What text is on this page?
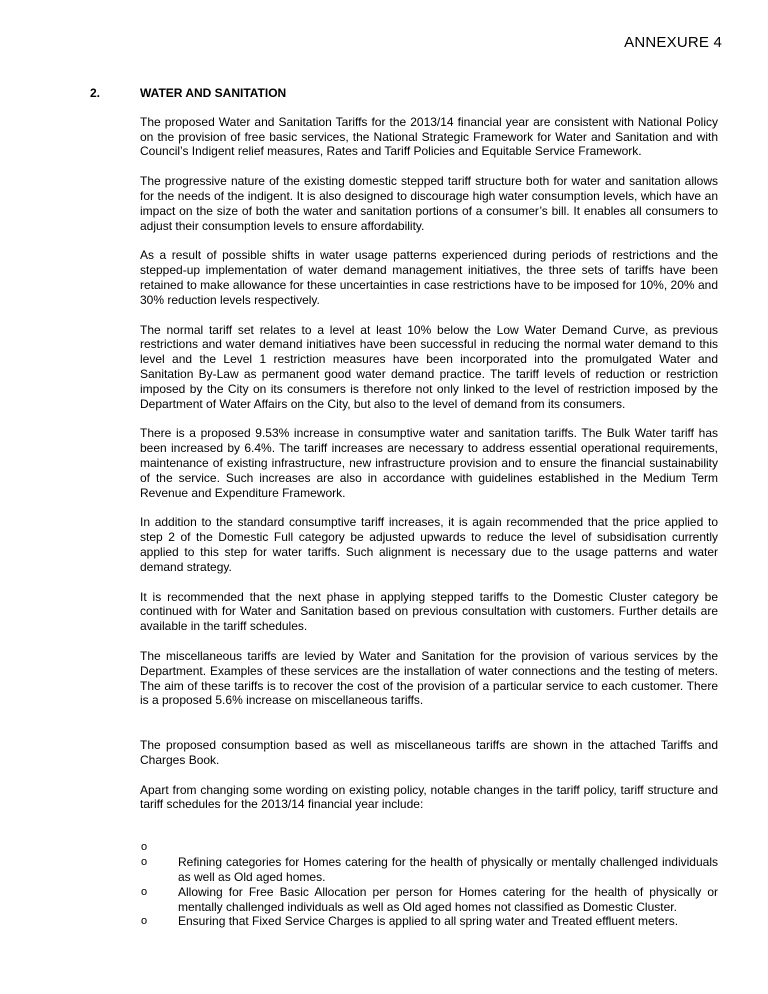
ANNEXURE 4
2.	WATER AND SANITATION

The proposed Water and Sanitation Tariffs for the 2013/14 financial year are consistent with National Policy on the provision of free basic services, the National Strategic Framework for Water and Sanitation and with Council’s Indigent relief measures, Rates and Tariff Policies and Equitable Service Framework.

The progressive nature of the existing domestic stepped tariff structure both for water and sanitation allows for the needs of the indigent. It is also designed to discourage high water consumption levels, which have an impact on the size of both the water and sanitation portions of a consumer’s bill. It enables all consumers to adjust their consumption levels to ensure affordability.

As a result of possible shifts in water usage patterns experienced during periods of restrictions and the stepped-up implementation of water demand management initiatives, the three sets of tariffs have been retained to make allowance for these uncertainties in case restrictions have to be imposed for 10%, 20% and 30% reduction levels respectively.

The normal tariff set relates to a level at least 10% below the Low Water Demand Curve, as previous restrictions and water demand initiatives have been successful in reducing the normal water demand to this level and the Level 1 restriction measures have been incorporated into the promulgated Water and Sanitation By-Law as permanent good water demand practice. The tariff levels of reduction or restriction imposed by the City on its consumers is therefore not only linked to the level of restriction imposed by the Department of Water Affairs on the City, but also to the level of demand from its consumers.

There is a proposed 9.53% increase in consumptive water and sanitation tariffs. The Bulk Water tariff has been increased by 6.4%. The tariff increases are necessary to address essential operational requirements, maintenance of existing infrastructure, new infrastructure provision and to ensure the financial sustainability of the service. Such increases are also in accordance with guidelines established in the Medium Term Revenue and Expenditure Framework.

In addition to the standard consumptive tariff increases, it is again recommended that the price applied to step 2 of the Domestic Full category be adjusted upwards to reduce the level of subsidisation currently applied to this step for water tariffs. Such alignment is necessary due to the usage patterns and water demand strategy.

It is recommended that the next phase in applying stepped tariffs to the Domestic Cluster category be continued with for Water and Sanitation based on previous consultation with customers. Further details are available in the tariff schedules.

The miscellaneous tariffs are levied by Water and Sanitation for the provision of various services by the Department. Examples of these services are the installation of water connections and the testing of meters. The aim of these tariffs is to recover the cost of the provision of a particular service to each customer. There is a proposed 5.6% increase on miscellaneous tariffs.

The proposed consumption based as well as miscellaneous tariffs are shown in the attached Tariffs and Charges Book.

Apart from changing some wording on existing policy, notable changes in the tariff policy, tariff structure and tariff schedules for the 2013/14 financial year include:

o
o	Refining categories for Homes catering for the health of physically or mentally challenged individuals as well as Old aged homes.
o	Allowing for Free Basic Allocation per person for Homes catering for the health of physically or mentally challenged individuals as well as Old aged homes not classified as Domestic Cluster.
o	Ensuring that Fixed Service Charges is applied to all spring water and Treated effluent meters.
